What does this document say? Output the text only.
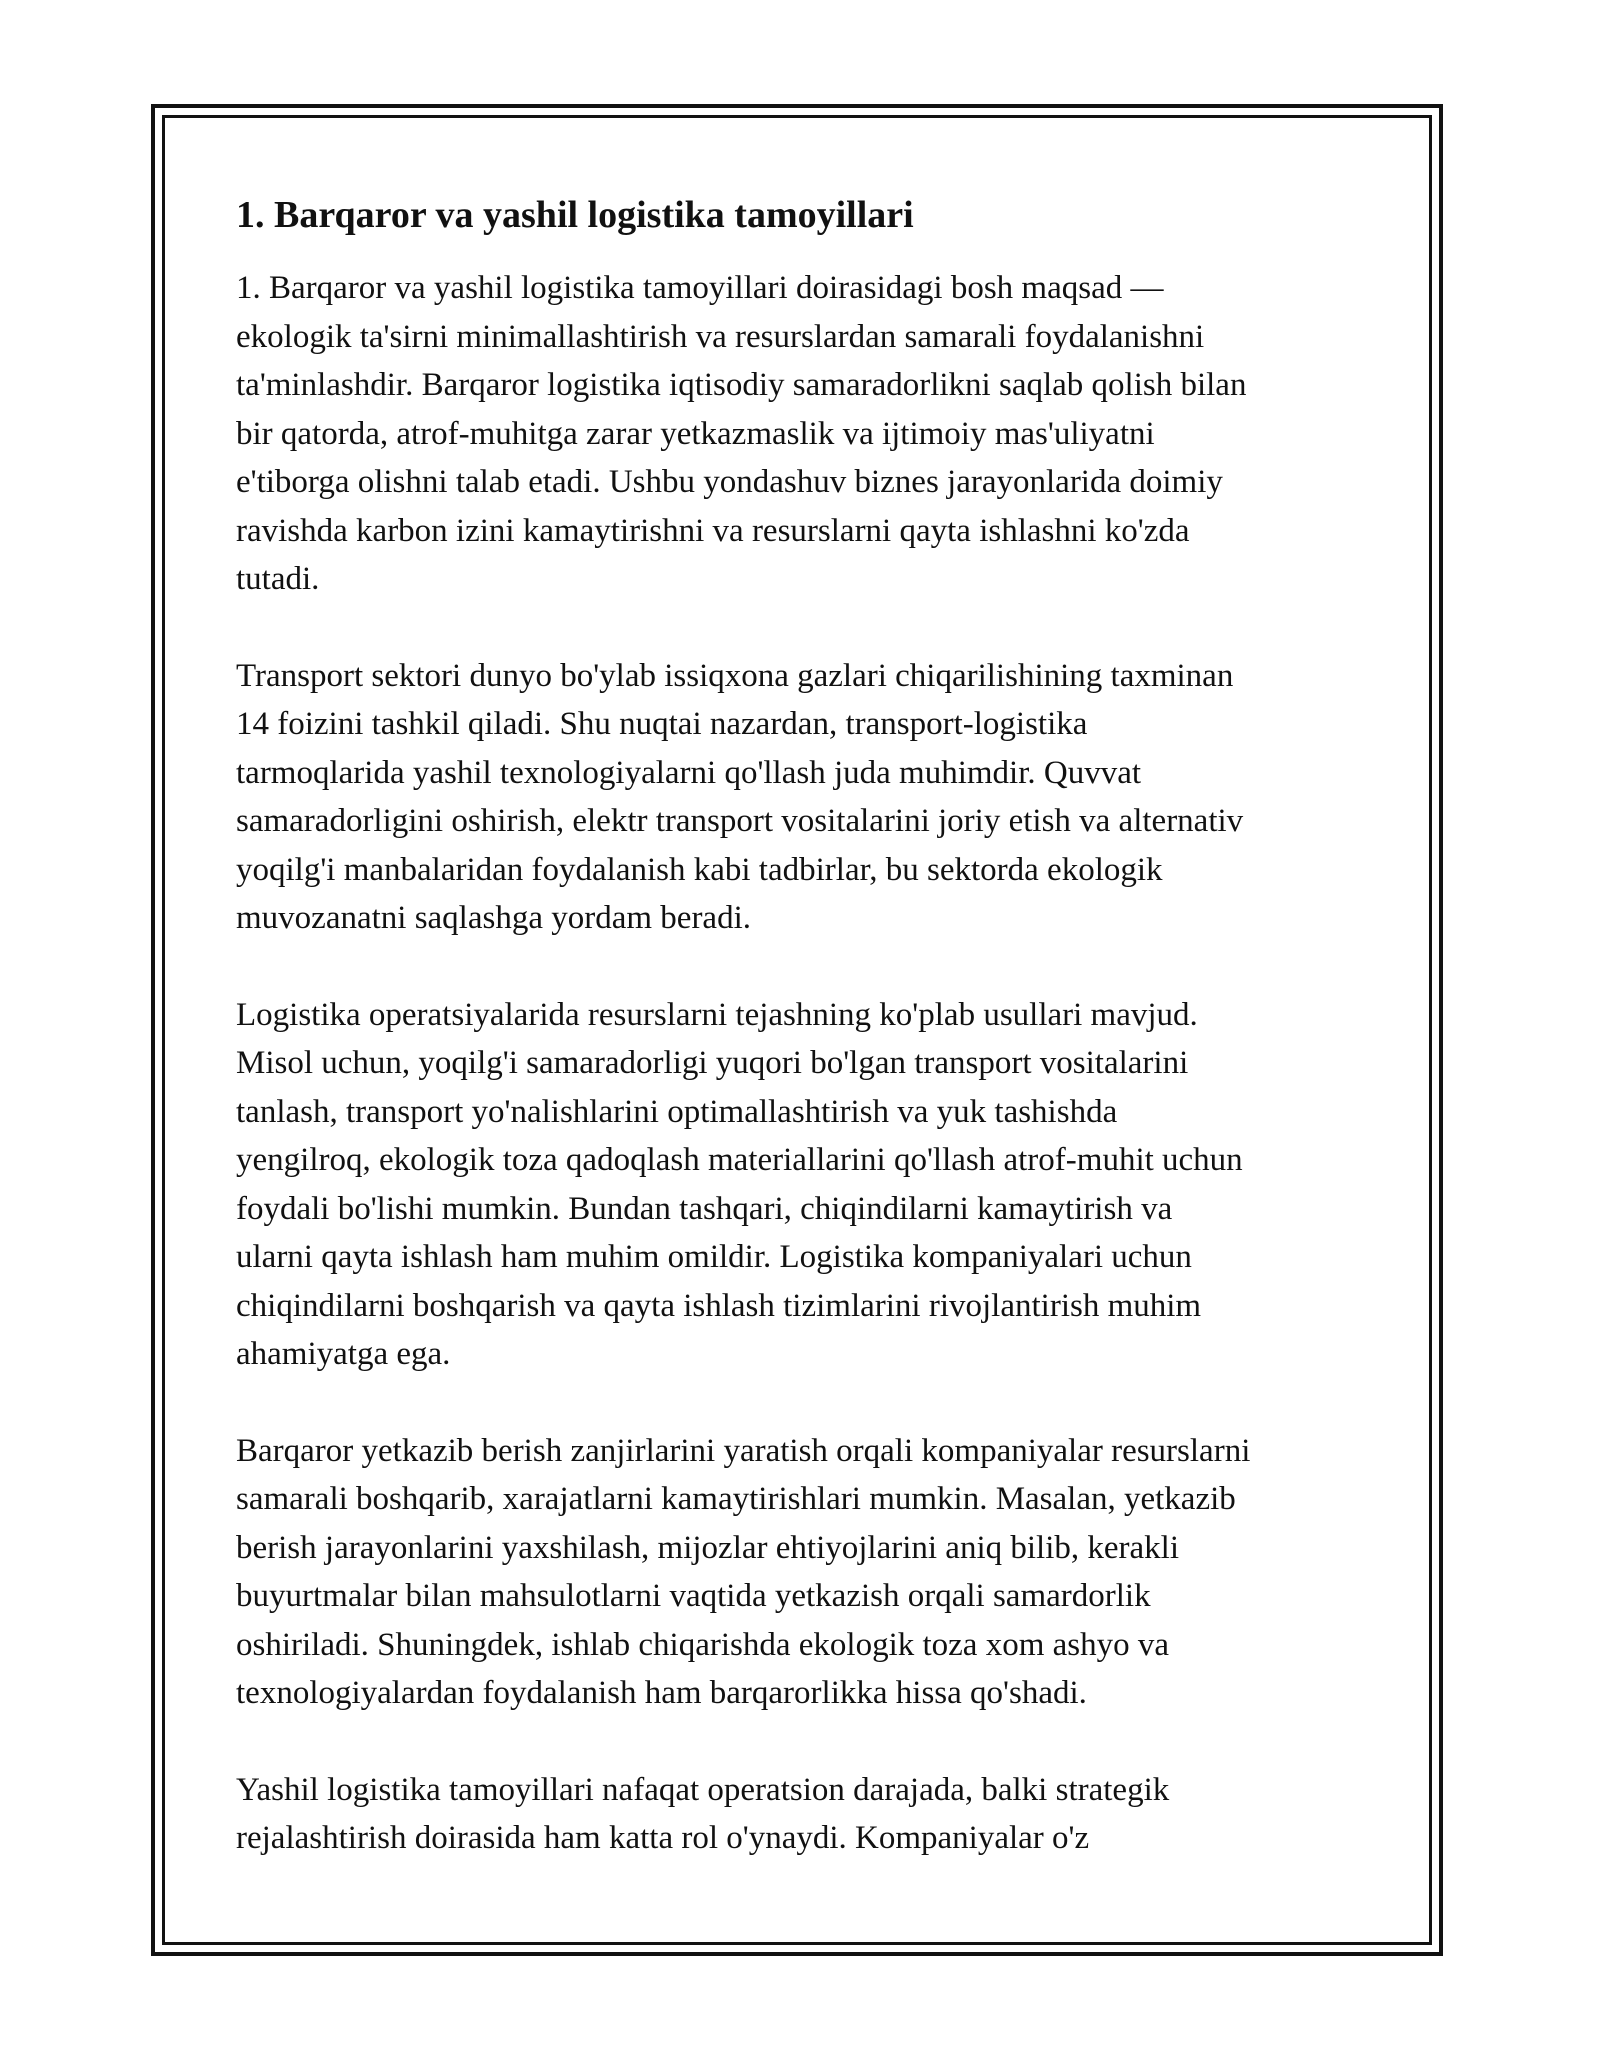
1. Barqaror va yashil logistika tamoyillari

1. Barqaror va yashil logistika tamoyillari doirasidagi bosh maqsad —
ekologik ta'sirni minimallashtirish va resurslardan samarali foydalanishni
ta'minlashdir. Barqaror logistika iqtisodiy samaradorlikni saqlab qolish bilan
bir qatorda, atrof-muhitga zarar yetkazmaslik va ijtimoiy mas'uliyatni
e'tiborga olishni talab etadi. Ushbu yondashuv biznes jarayonlarida doimiy
ravishda karbon izini kamaytirishni va resurslarni qayta ishlashni ko'zda
tutadi.

Transport sektori dunyo bo'ylab issiqxona gazlari chiqarilishining taxminan
14 foizini tashkil qiladi. Shu nuqtai nazardan, transport-logistika
tarmoqlarida yashil texnologiyalarni qo'llash juda muhimdir. Quvvat
samaradorligini oshirish, elektr transport vositalarini joriy etish va alternativ
yoqilg'i manbalaridan foydalanish kabi tadbirlar, bu sektorda ekologik
muvozanatni saqlashga yordam beradi.

Logistika operatsiyalarida resurslarni tejashning ko'plab usullari mavjud.
Misol uchun, yoqilg'i samaradorligi yuqori bo'lgan transport vositalarini
tanlash, transport yo'nalishlarini optimallashtirish va yuk tashishda
yengilroq, ekologik toza qadoqlash materiallarini qo'llash atrof-muhit uchun
foydali bo'lishi mumkin. Bundan tashqari, chiqindilarni kamaytirish va
ularni qayta ishlash ham muhim omildir. Logistika kompaniyalari uchun
chiqindilarni boshqarish va qayta ishlash tizimlarini rivojlantirish muhim
ahamiyatga ega.

Barqaror yetkazib berish zanjirlarini yaratish orqali kompaniyalar resurslarni
samarali boshqarib, xarajatlarni kamaytirishlari mumkin. Masalan, yetkazib
berish jarayonlarini yaxshilash, mijozlar ehtiyojlarini aniq bilib, kerakli
buyurtmalar bilan mahsulotlarni vaqtida yetkazish orqali samardorlik
oshiriladi. Shuningdek, ishlab chiqarishda ekologik toza xom ashyo va
texnologiyalardan foydalanish ham barqarorlikka hissa qo'shadi.

Yashil logistika tamoyillari nafaqat operatsion darajada, balki strategik
rejalashtirish doirasida ham katta rol o'ynaydi. Kompaniyalar o'z
